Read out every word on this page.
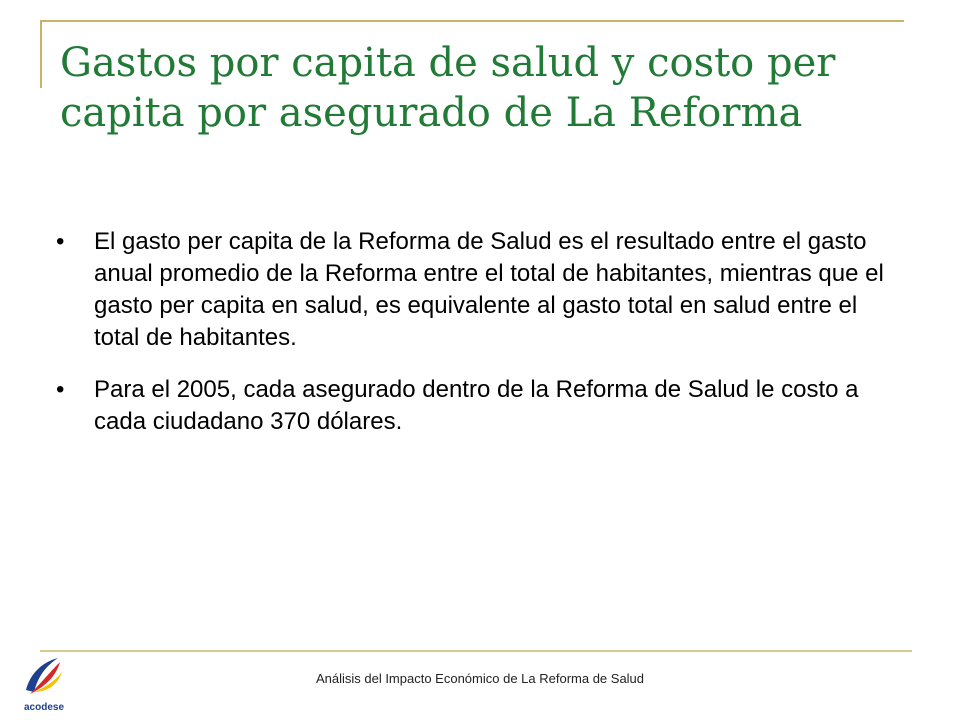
Gastos por capita de salud y costo per capita por asegurado de La Reforma
•	El gasto per capita de la Reforma de Salud es el resultado entre el gasto anual promedio de la Reforma entre el total de habitantes, mientras que el gasto per capita en salud, es equivalente al gasto total en salud entre el total de habitantes.
•	Para el 2005, cada asegurado dentro de la Reforma de Salud le costo a cada ciudadano 370 dólares.
Análisis del Impacto Económico de La Reforma de Salud
acodese
